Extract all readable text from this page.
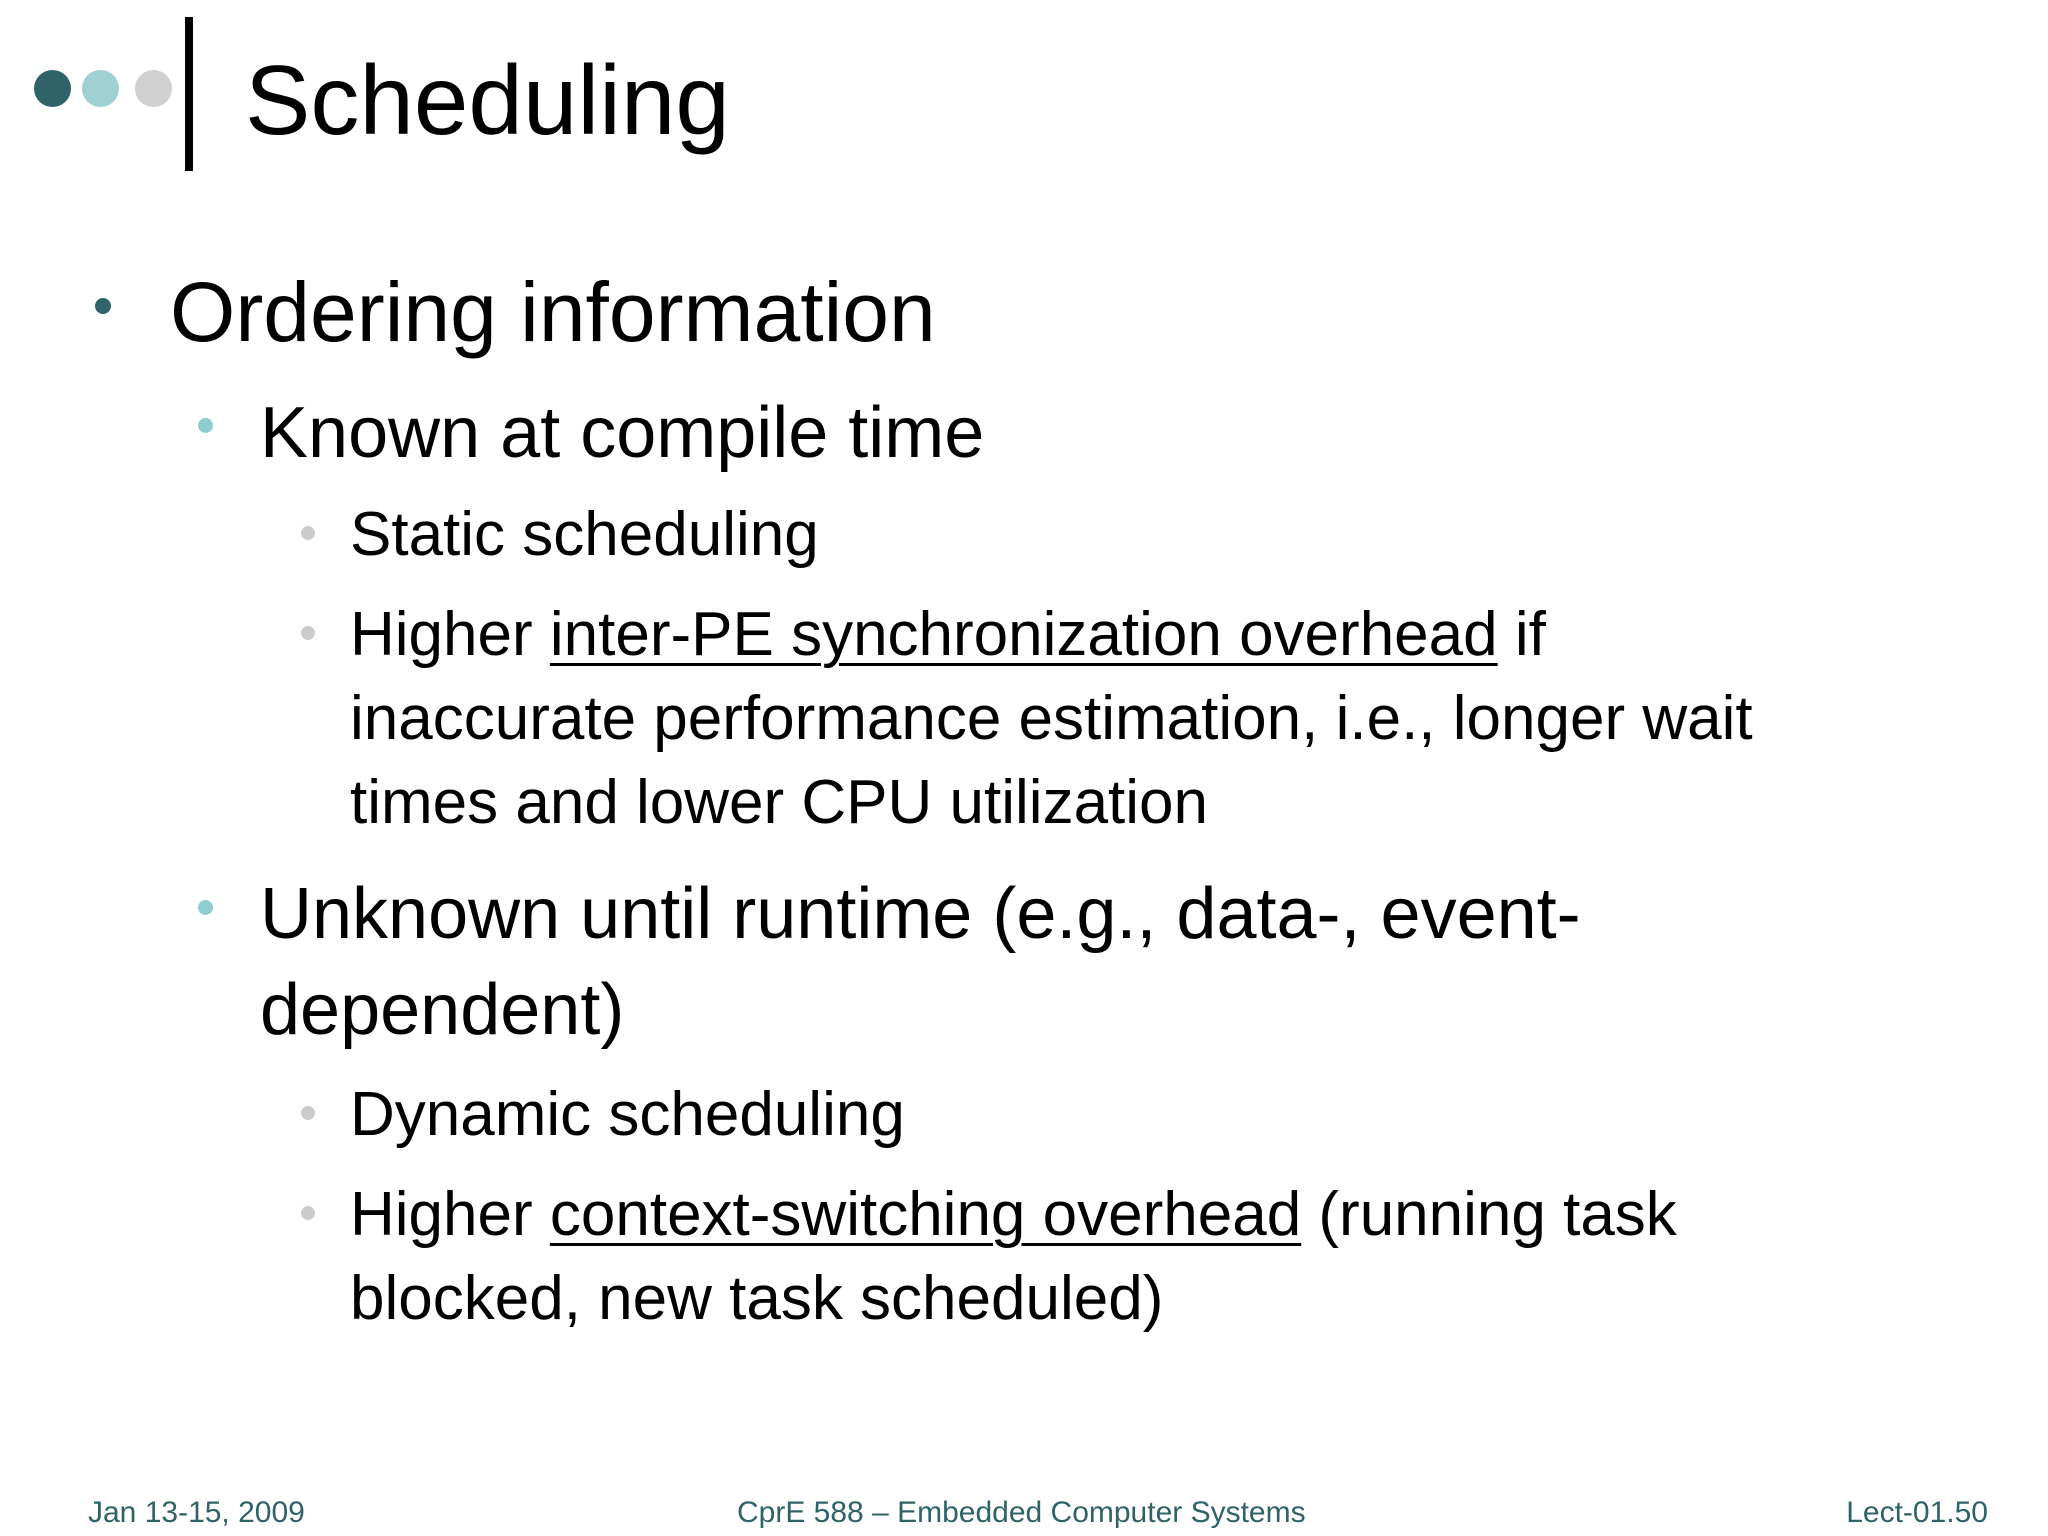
Scheduling
Ordering information
Known at compile time
Static scheduling
Higher inter-PE synchronization overhead if
inaccurate performance estimation, i.e., longer wait
times and lower CPU utilization
Unknown until runtime (e.g., data-, event-
dependent)
Dynamic scheduling
Higher context-switching overhead (running task
blocked, new task scheduled)
Jan 13-15, 2009	CprE 588 – Embedded Computer Systems	Lect-01.50
